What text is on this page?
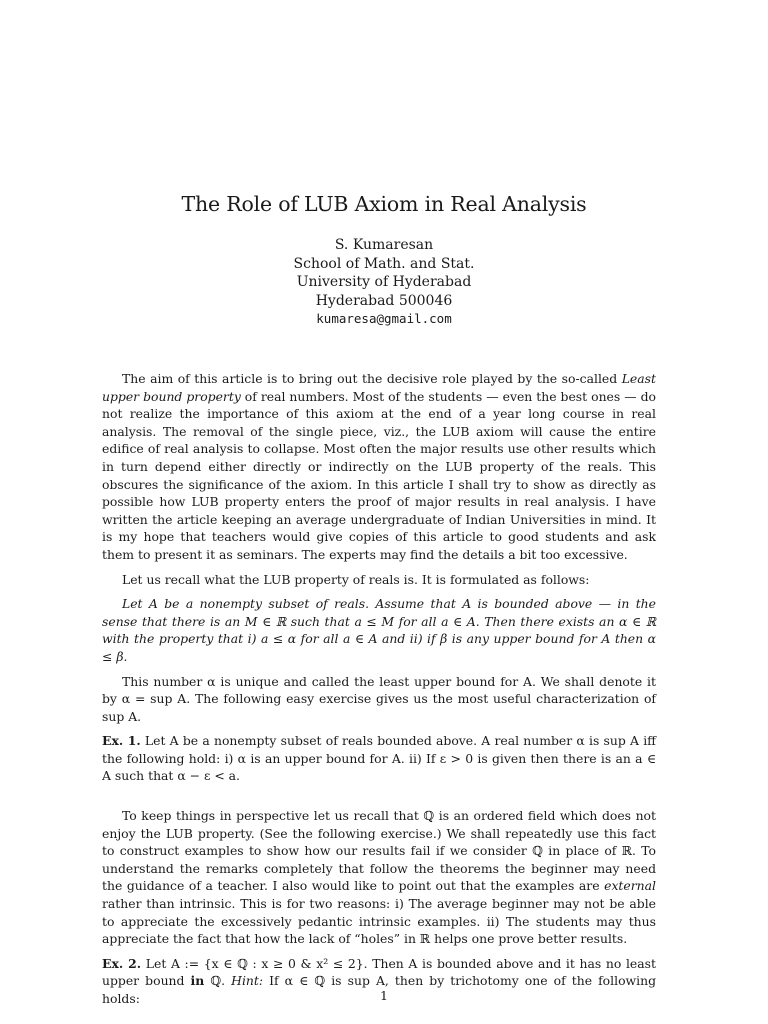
The Role of LUB Axiom in Real Analysis
S. Kumaresan
School of Math. and Stat.
University of Hyderabad
Hyderabad 500046
kumaresa@gmail.com

The aim of this article is to bring out the decisive role played by the so-called Least upper bound property of real numbers. Most of the students — even the best ones — do not realize the importance of this axiom at the end of a year long course in real analysis. The removal of the single piece, viz., the LUB axiom will cause the entire edifice of real analysis to collapse. Most often the major results use other results which in turn depend either directly or indirectly on the LUB property of the reals. This obscures the significance of the axiom. In this article I shall try to show as directly as possible how LUB property enters the proof of major results in real analysis. I have written the article keeping an average undergraduate of Indian Universities in mind. It is my hope that teachers would give copies of this article to good students and ask them to present it as seminars. The experts may find the details a bit too excessive.

Let us recall what the LUB property of reals is. It is formulated as follows:

Let A be a nonempty subset of reals. Assume that A is bounded above — in the sense that there is an M ∈ ℝ such that a ≤ M for all a ∈ A. Then there exists an α ∈ ℝ with the property that i) a ≤ α for all a ∈ A and ii) if β is any upper bound for A then α ≤ β.

This number α is unique and called the least upper bound for A. We shall denote it by α = sup A. The following easy exercise gives us the most useful characterization of sup A.

Ex. 1. Let A be a nonempty subset of reals bounded above. A real number α is sup A iff the following hold: i) α is an upper bound for A. ii) If ε > 0 is given then there is an a ∈ A such that α − ε < a.

To keep things in perspective let us recall that ℚ is an ordered field which does not enjoy the LUB property. (See the following exercise.) We shall repeatedly use this fact to construct examples to show how our results fail if we consider ℚ in place of ℝ. To understand the remarks completely that follow the theorems the beginner may need the guidance of a teacher. I also would like to point out that the examples are external rather than intrinsic. This is for two reasons: i) The average beginner may not be able to appreciate the excessively pedantic intrinsic examples. ii) The students may thus appreciate the fact that how the lack of “holes” in ℝ helps one prove better results.

Ex. 2. Let A := {x ∈ ℚ : x ≥ 0 & x² ≤ 2}. Then A is bounded above and it has no least upper bound in ℚ. Hint: If α ∈ ℚ is sup A, then by trichotomy one of the following holds:	1
